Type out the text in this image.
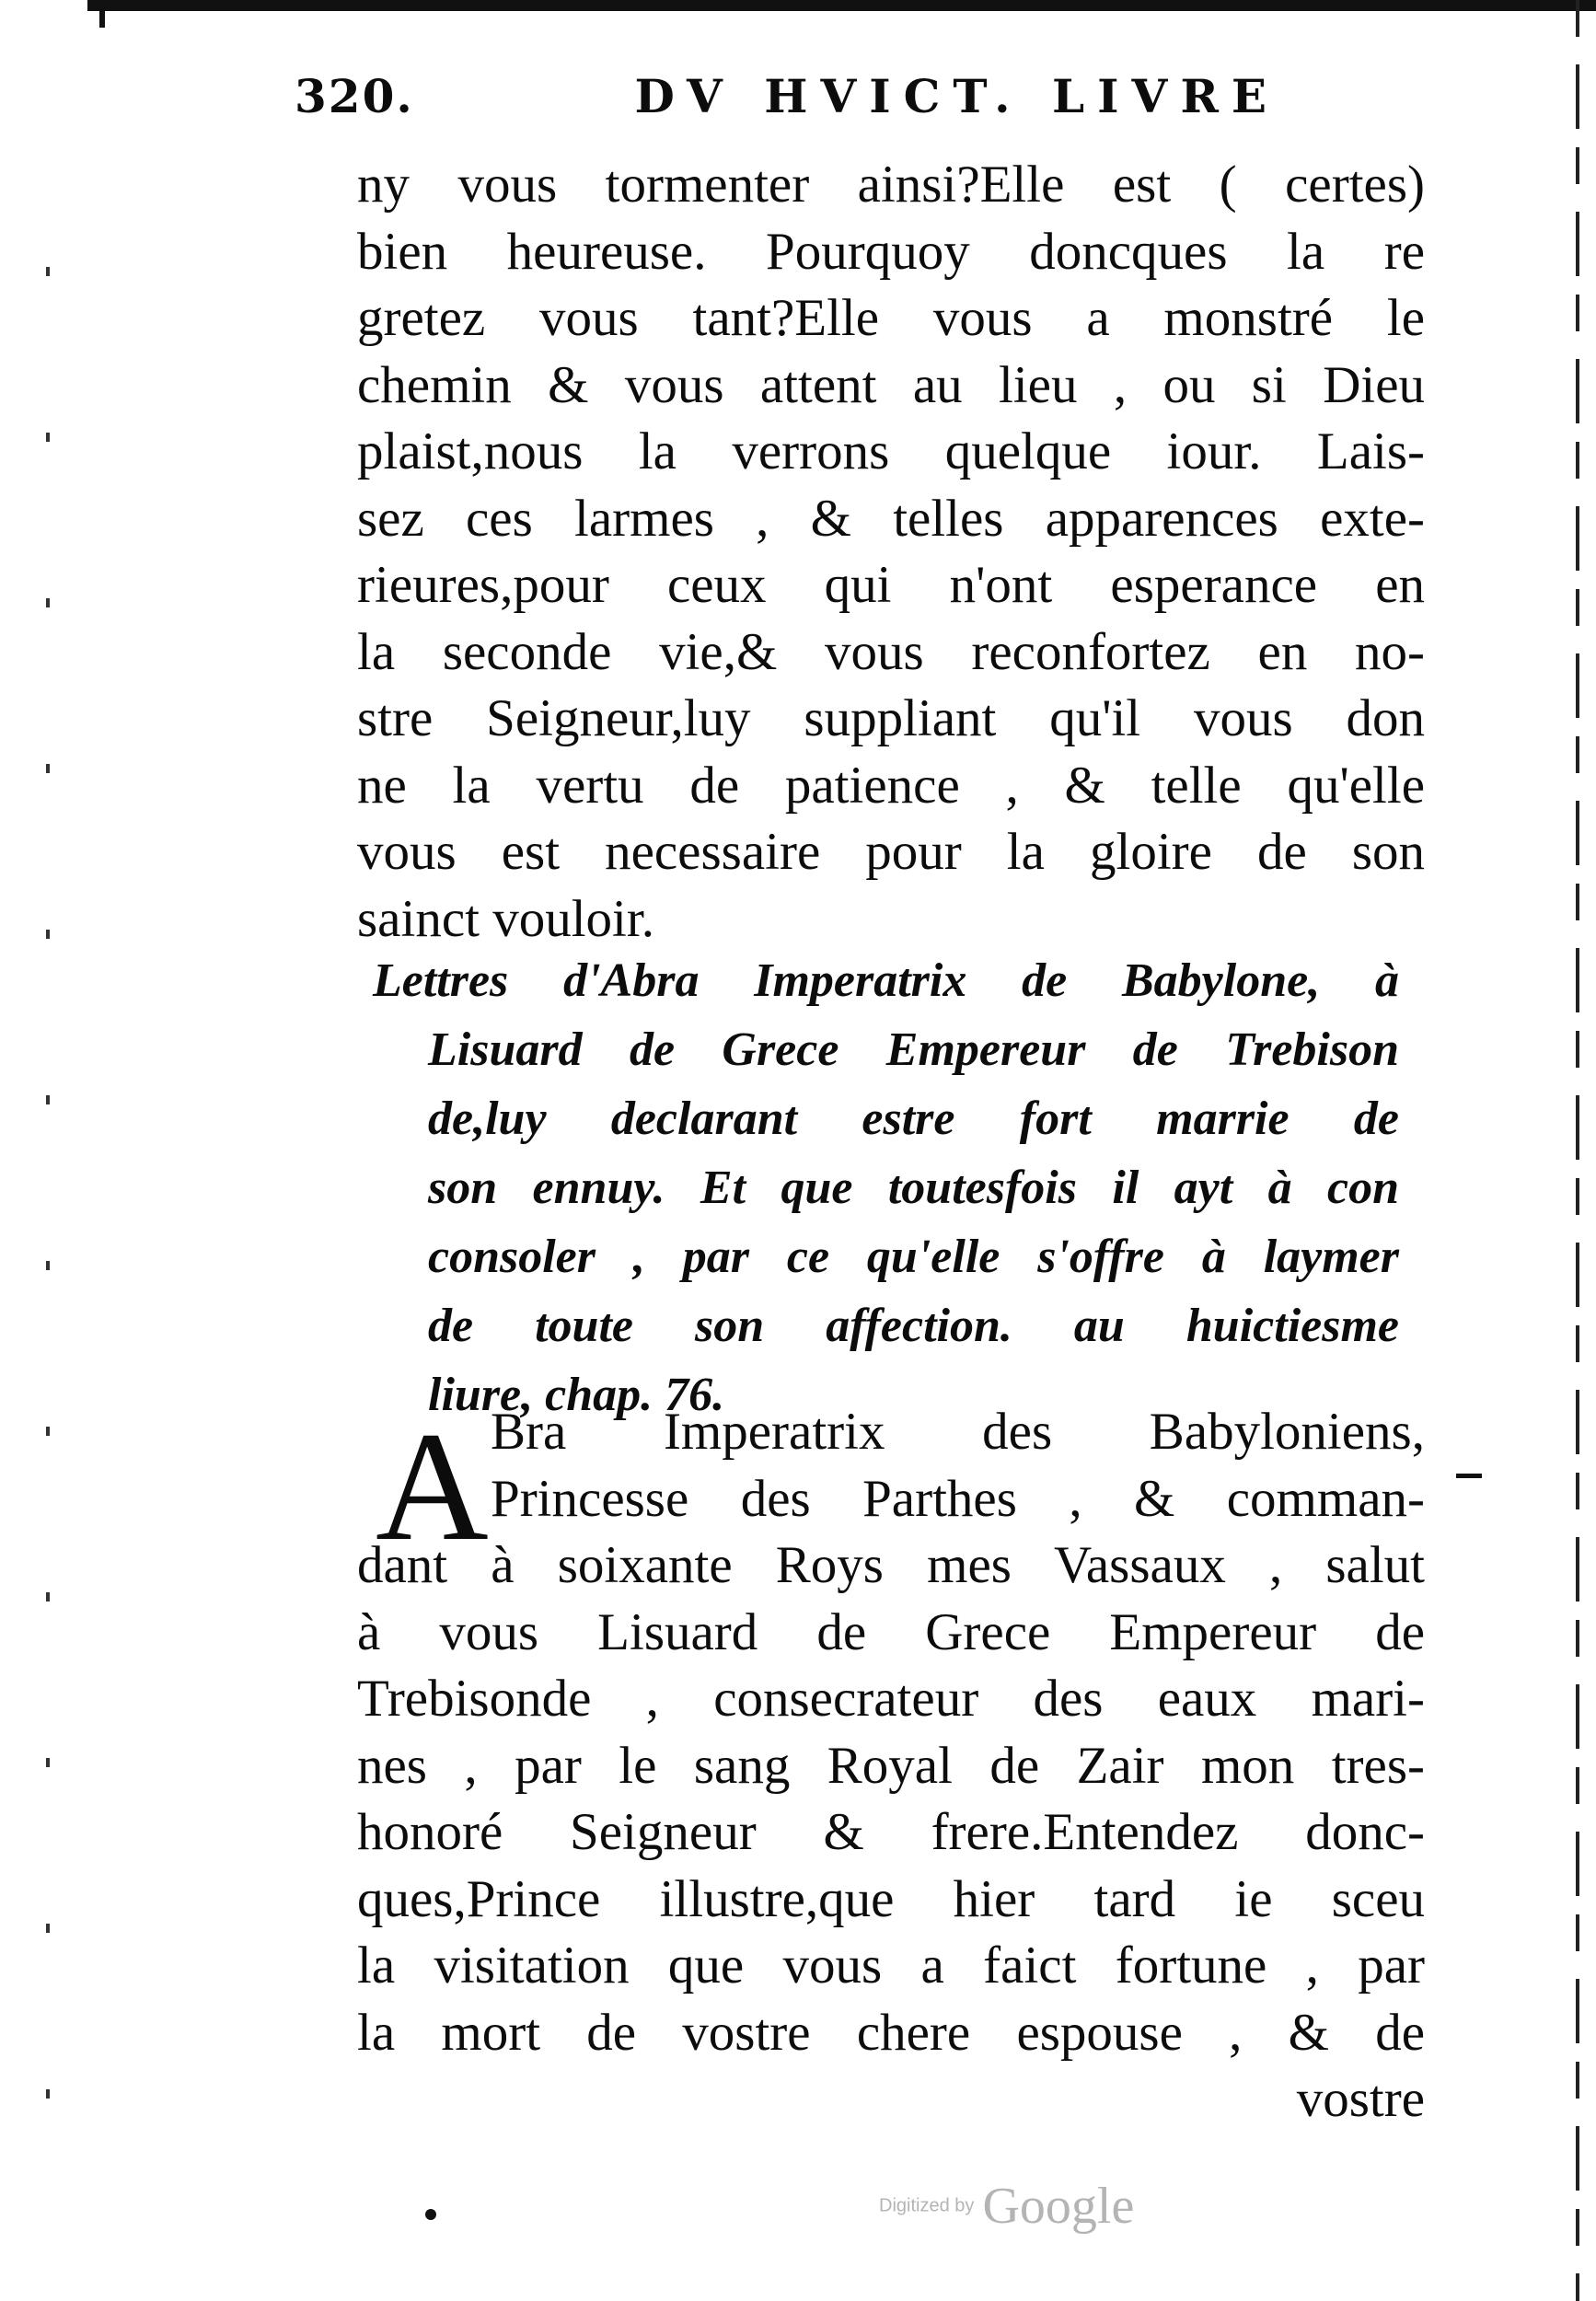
320.	DV HVICT. LIVRE
ny vous tormenter ainsi?Elle est ( certes)
bien heureuse. Pourquoy doncques la re
gretez vous tant?Elle vous a monstré le
chemin & vous attent au lieu , ou si Dieu
plaist,nous la verrons quelque iour. Lais-
sez ces larmes , & telles apparences exte-
rieures,pour ceux qui n'ont esperance en
la seconde vie,& vous reconfortez en no-
stre Seigneur,luy suppliant qu'il vous don
ne la vertu de patience , & telle qu'elle
vous est necessaire pour la gloire de son
sainct vouloir.
Lettres d'Abra Imperatrix de Babylone, à
Lisuard de Grece Empereur de Trebison
de,luy declarant estre fort marrie de
son ennuy. Et que toutesfois il ayt à con
consoler , par ce qu'elle s'offre à laymer
de toute son affection. au huictiesme
liure, chap. 76.
A Bra Imperatrix des Babyloniens,
Princesse des Parthes , & comman-
dant à soixante Roys mes Vassaux , salut
à vous Lisuard de Grece Empereur de
Trebisonde , consecrateur des eaux mari-
nes , par le sang Royal de Zair mon tres-
honoré Seigneur & frere.Entendez donc-
ques,Prince illustre,que hier tard ie sceu
la visitation que vous a faict fortune , par
la mort de vostre chere espouse , & de
vostre
Digitized by Google
